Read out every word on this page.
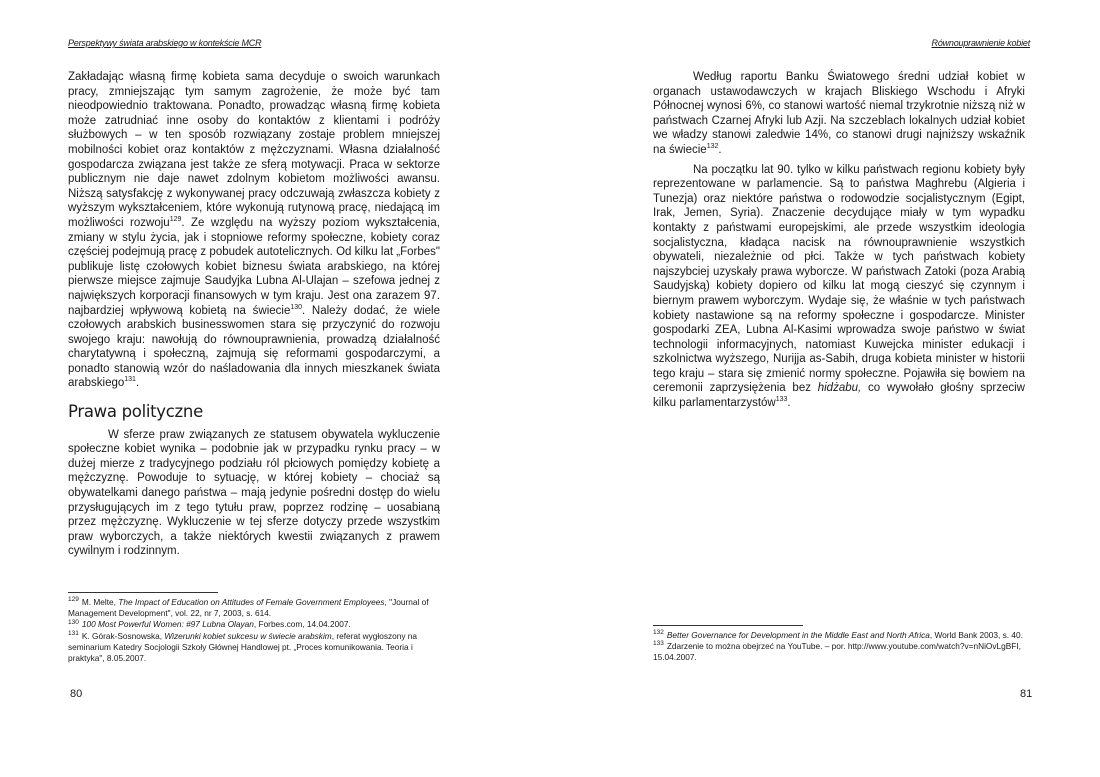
Perspektywy świata arabskiego w kontekście MCR

Zakładając własną firmę kobieta sama decyduje o swoich warunkach pracy, zmniejszając tym samym zagrożenie, że może być tam nieodpowiednio traktowana. Ponadto, prowadząc własną firmę kobieta może zatrudniać inne osoby do kontaktów z klientami i podróży służbowych – w ten sposób rozwiązany zostaje problem mniejszej mobilności kobiet oraz kontaktów z mężczyznami. Własna działalność gospodarcza związana jest także ze sferą motywacji. Praca w sektorze publicznym nie daje nawet zdolnym kobietom możliwości awansu. Niższą satysfakcję z wykonywanej pracy odczuwają zwłaszcza kobiety z wyższym wykształceniem, które wykonują rutynową pracę, niedającą im możliwości rozwoju$^{129}$. Ze względu na wyższy poziom wykształcenia, zmiany w stylu życia, jak i stopniowe reformy społeczne, kobiety coraz częściej podejmują pracę z pobudek autotelicznych. Od kilku lat „Forbes" publikuje listę czołowych kobiet biznesu świata arabskiego, na której pierwsze miejsce zajmuje Saudyjka Lubna Al-Ulajan – szefowa jednej z największych korporacji finansowych w tym kraju. Jest ona zarazem 97. najbardziej wpływową kobietą na świecie$^{130}$. Należy dodać, że wiele czołowych arabskich businesswomen stara się przyczynić do rozwoju swojego kraju: nawołują do równouprawnienia, prowadzą działalność charytatywną i społeczną, zajmują się reformami gospodarczymi, a ponadto stanowią wzór do naśladowania dla innych mieszkanek świata arabskiego$^{131}$.

Prawa polityczne

W sferze praw związanych ze statusem obywatela wykluczenie społeczne kobiet wynika – podobnie jak w przypadku rynku pracy – w dużej mierze z tradycyjnego podziału ról płciowych pomiędzy kobietę a mężczyznę. Powoduje to sytuację, w której kobiety – chociaż są obywatelkami danego państwa – mają jedynie pośredni dostęp do wielu przysługujących im z tego tytułu praw, poprzez rodzinę – uosabianą przez mężczyznę. Wykluczenie w tej sferze dotyczy przede wszystkim praw wyborczych, a także niektórych kwestii związanych z prawem cywilnym i rodzinnym.

$^{129}$ M. Melte, The Impact of Education on Attitudes of Female Government Employees, "Journal of Management Development", vol. 22, nr 7, 2003, s. 614.

$^{130}$ 100 Most Powerful Women: #97 Lubna Olayan, Forbes.com, 14.04.2007.

$^{131}$ K. Górak-Sosnowska, Wizerunki kobiet sukcesu w świecie arabskim, referat wygłoszony na seminarium Katedry Socjologii Szkoły Głównej Handlowej pt. „Proces komunikowania. Teoria i praktyka", 8.05.2007.

80
Równouprawnienie kobiet

Według raportu Banku Światowego średni udział kobiet w organach ustawodawczych w krajach Bliskiego Wschodu i Afryki Północnej wynosi 6%, co stanowi wartość niemal trzykrotnie niższą niż w państwach Czarnej Afryki lub Azji. Na szczeblach lokalnych udział kobiet we władzy stanowi zaledwie 14%, co stanowi drugi najniższy wskaźnik na świecie$^{132}$.

Na początku lat 90. tylko w kilku państwach regionu kobiety były reprezentowane w parlamencie. Są to państwa Maghrebu (Algieria i Tunezja) oraz niektóre państwa o rodowodzie socjalistycznym (Egipt, Irak, Jemen, Syria). Znaczenie decydujące miały w tym wypadku kontakty z państwami europejskimi, ale przede wszystkim ideologia socjalistyczna, kładąca nacisk na równouprawnienie wszystkich obywateli, niezależnie od płci. Także w tych państwach kobiety najszybciej uzyskały prawa wyborcze. W państwach Zatoki (poza Arabią Saudyjską) kobiety dopiero od kilku lat mogą cieszyć się czynnym i biernym prawem wyborczym. Wydaje się, że właśnie w tych państwach kobiety nastawione są na reformy społeczne i gospodarcze. Minister gospodarki ZEA, Lubna Al-Kasimi wprowadza swoje państwo w świat technologii informacyjnych, natomiast Kuwejcka minister edukacji i szkolnictwa wyższego, Nurijja as-Sabih, druga kobieta minister w historii tego kraju – stara się zmienić normy społeczne. Pojawiła się bowiem na ceremonii zaprzysiężenia bez hidżabu, co wywołało głośny sprzeciw kilku parlamentarzystów$^{133}$.

$^{132}$ Better Governance for Development in the Middle East and North Africa, World Bank 2003, s. 40.

$^{133}$ Zdarzenie to można obejrzeć na YouTube. – por. http://www.youtube.com/watch?v=nNiOvLgBFI, 15.04.2007.

81
